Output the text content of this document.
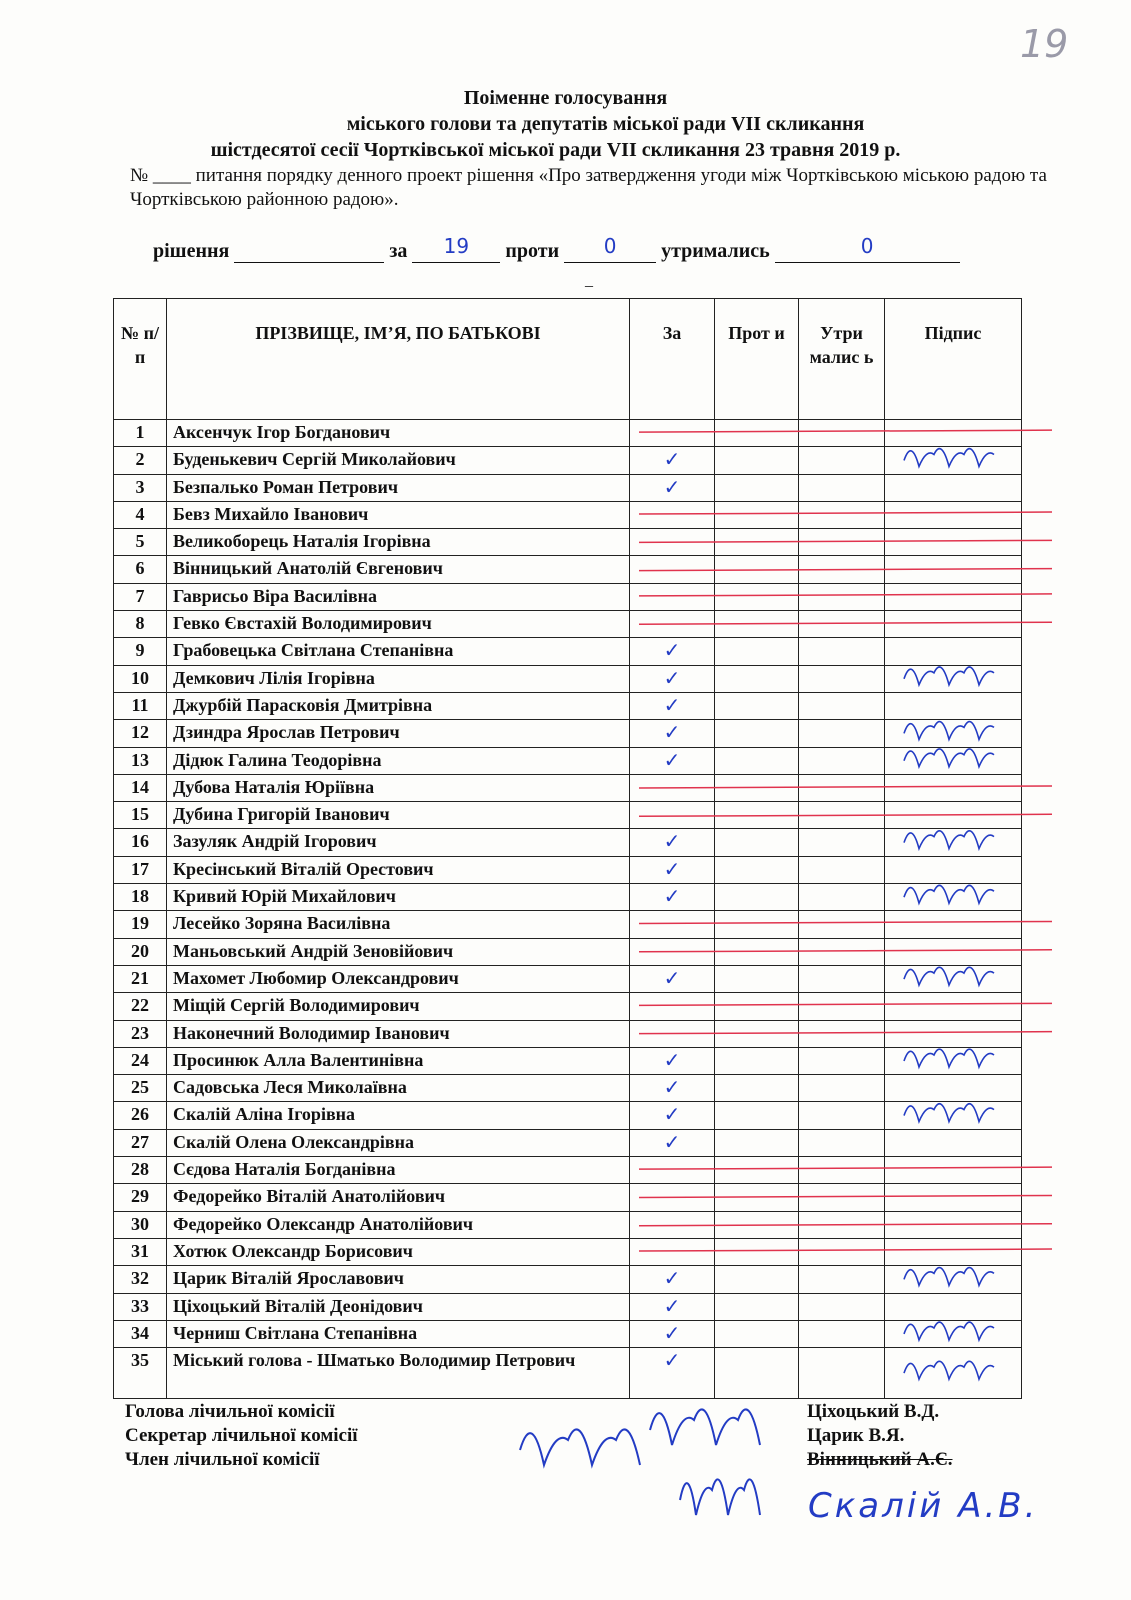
19
Поіменне голосування
міського голови та депутатів міської ради VII скликання
шістдесятої сесії Чортківської міської ради VII скликання 23 травня 2019 р.
№ ____ питання порядку денного проект рішення «Про затвердження угоди між Чортківською міською радою та Чортківською районною радою».
рішення	за 19 проти 0 утримались	0
_
№ п/п	ПРІЗВИЩЕ, ІМ’Я, ПО БАТЬКОВІ	За	Прот и	Утри малис ь	Підпис
1	Аксенчук Ігор Богданович				
2	Буденькевич Сергій Миколайович	✓			
3	Безпалько Роман Петрович	✓			
4	Бевз Михайло Іванович				
5	Великоборець Наталія Ігорівна				
6	Вінницький Анатолій Євгенович				
7	Гаврисьо Віра Василівна				
8	Гевко Євстахій Володимирович				
9	Грабовецька Світлана Степанівна	✓			
10	Демкович Лілія Ігорівна	✓			
11	Джурбій Парасковія Дмитрівна	✓			
12	Дзиндра Ярослав Петрович	✓			
13	Дідюк Галина Теодорівна	✓			
14	Дубова Наталія Юріївна				
15	Дубина Григорій Іванович				
16	Зазуляк Андрій Ігорович	✓			
17	Кресінський Віталій Орестович	✓			
18	Кривий Юрій Михайлович	✓			
19	Лесейко Зоряна Василівна				
20	Маньовський Андрій Зеновійович				
21	Махомет Любомир Олександрович	✓			
22	Міщій Сергій Володимирович				
23	Наконечний Володимир Іванович				
24	Просинюк Алла Валентинівна	✓			
25	Садовська Леся Миколаївна	✓			
26	Скалій Аліна Ігорівна	✓			
27	Скалій Олена Олександрівна	✓			
28	Сєдова Наталія Богданівна				
29	Федорейко Віталій Анатолійович				
30	Федорейко Олександр Анатолійович				
31	Хотюк Олександр Борисович				
32	Царик Віталій Ярославович	✓			
33	Ціхоцький Віталій Деонідович	✓			
34	Черниш Світлана Степанівна	✓			
35	Міський голова - Шматько Володимир Петрович	✓			
Голова лічильної комісії
Секретар лічильної комісії
Член лічильної комісії
Ціхоцький В.Д.
Царик В.Я.
Вінницький А.Є.
Скалій А.В.
